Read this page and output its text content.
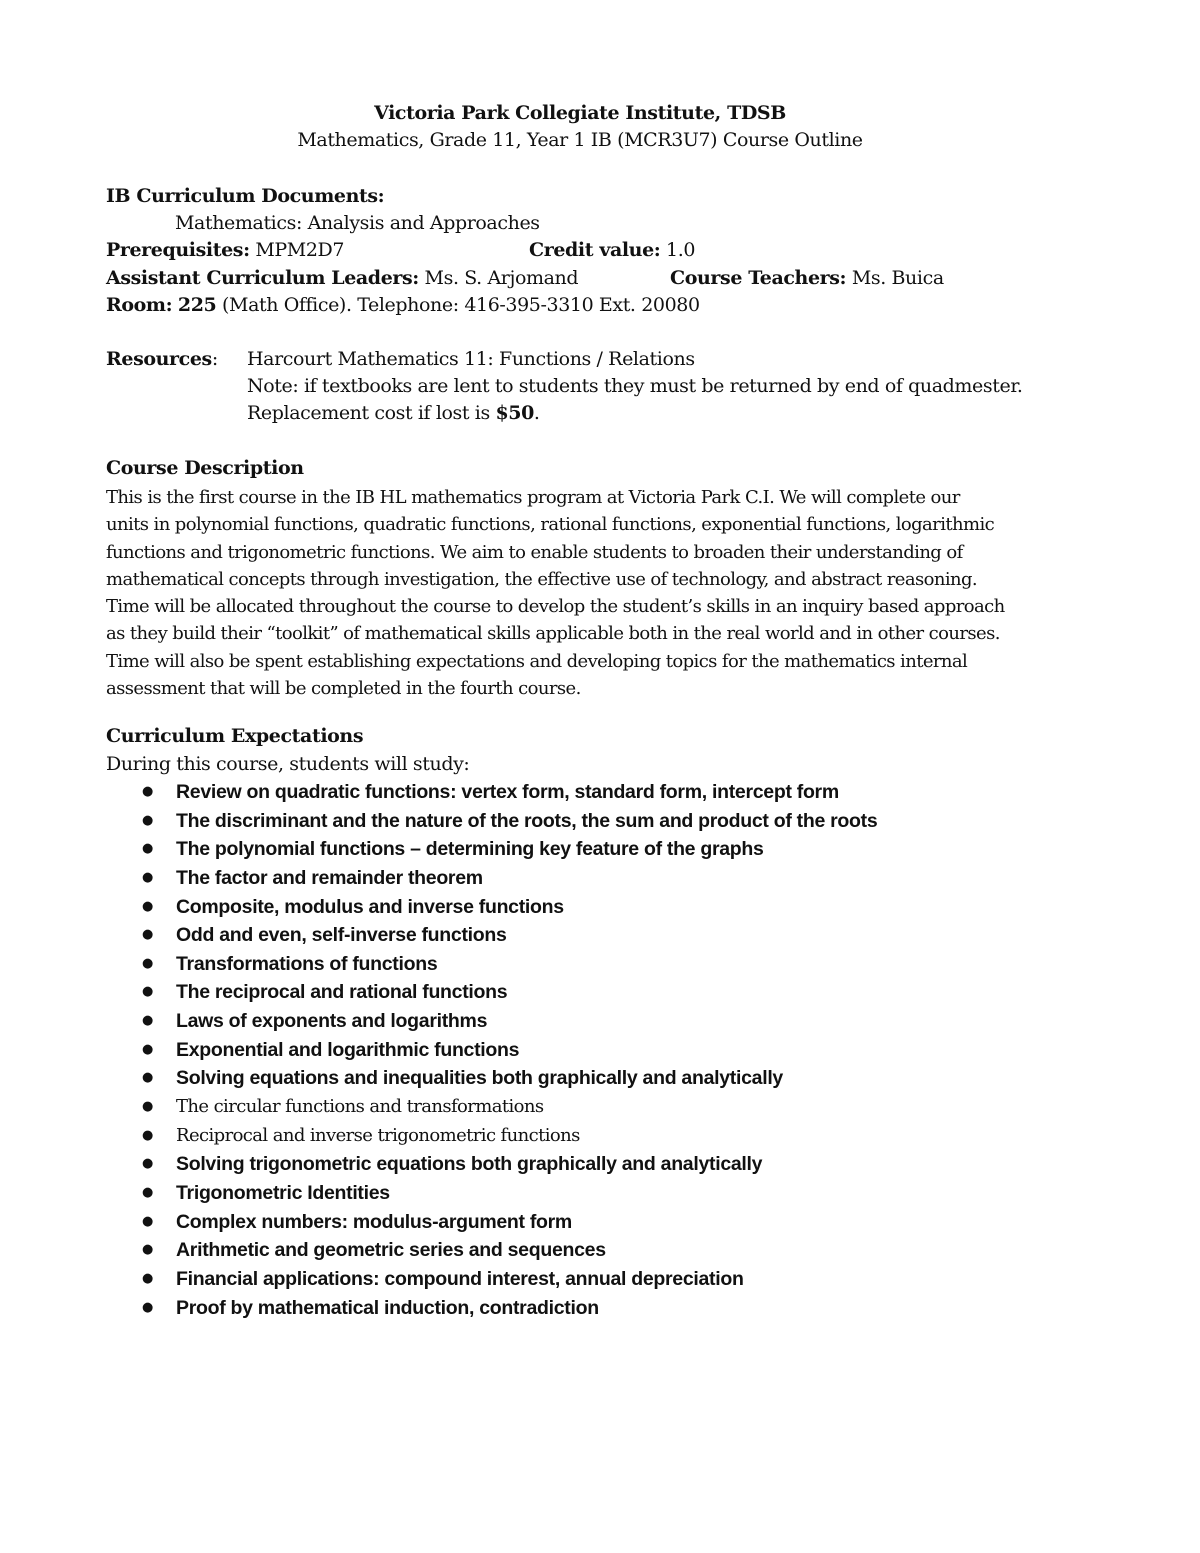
Victoria Park Collegiate Institute, TDSB
Mathematics, Grade 11, Year 1 IB (MCR3U7) Course Outline
IB Curriculum Documents:
Mathematics: Analysis and Approaches
Prerequisites: MPM2D7	Credit value: 1.0
Assistant Curriculum Leaders: Ms. S. Arjomand	Course Teachers: Ms. Buica
Room: 225 (Math Office). Telephone: 416-395-3310 Ext. 20080
Resources: Harcourt Mathematics 11: Functions / Relations
Note: if textbooks are lent to students they must be returned by end of quadmester.
Replacement cost if lost is $50.
Course Description
This is the first course in the IB HL mathematics program at Victoria Park C.I. We will complete our
units in polynomial functions, quadratic functions, rational functions, exponential functions, logarithmic
functions and trigonometric functions. We aim to enable students to broaden their understanding of
mathematical concepts through investigation, the effective use of technology, and abstract reasoning.
Time will be allocated throughout the course to develop the student’s skills in an inquiry based approach
as they build their “toolkit” of mathematical skills applicable both in the real world and in other courses.
Time will also be spent establishing expectations and developing topics for the mathematics internal
assessment that will be completed in the fourth course.
Curriculum Expectations
During this course, students will study:
● Review on quadratic functions: vertex form, standard form, intercept form
● The discriminant and the nature of the roots, the sum and product of the roots
● The polynomial functions – determining key feature of the graphs
● The factor and remainder theorem
● Composite, modulus and inverse functions
● Odd and even, self-inverse functions
● Transformations of functions
● The reciprocal and rational functions
● Laws of exponents and logarithms
● Exponential and logarithmic functions
● Solving equations and inequalities both graphically and analytically
● The circular functions and transformations
● Reciprocal and inverse trigonometric functions
● Solving trigonometric equations both graphically and analytically
● Trigonometric Identities
● Complex numbers: modulus-argument form
● Arithmetic and geometric series and sequences
● Financial applications: compound interest, annual depreciation
● Proof by mathematical induction, contradiction
